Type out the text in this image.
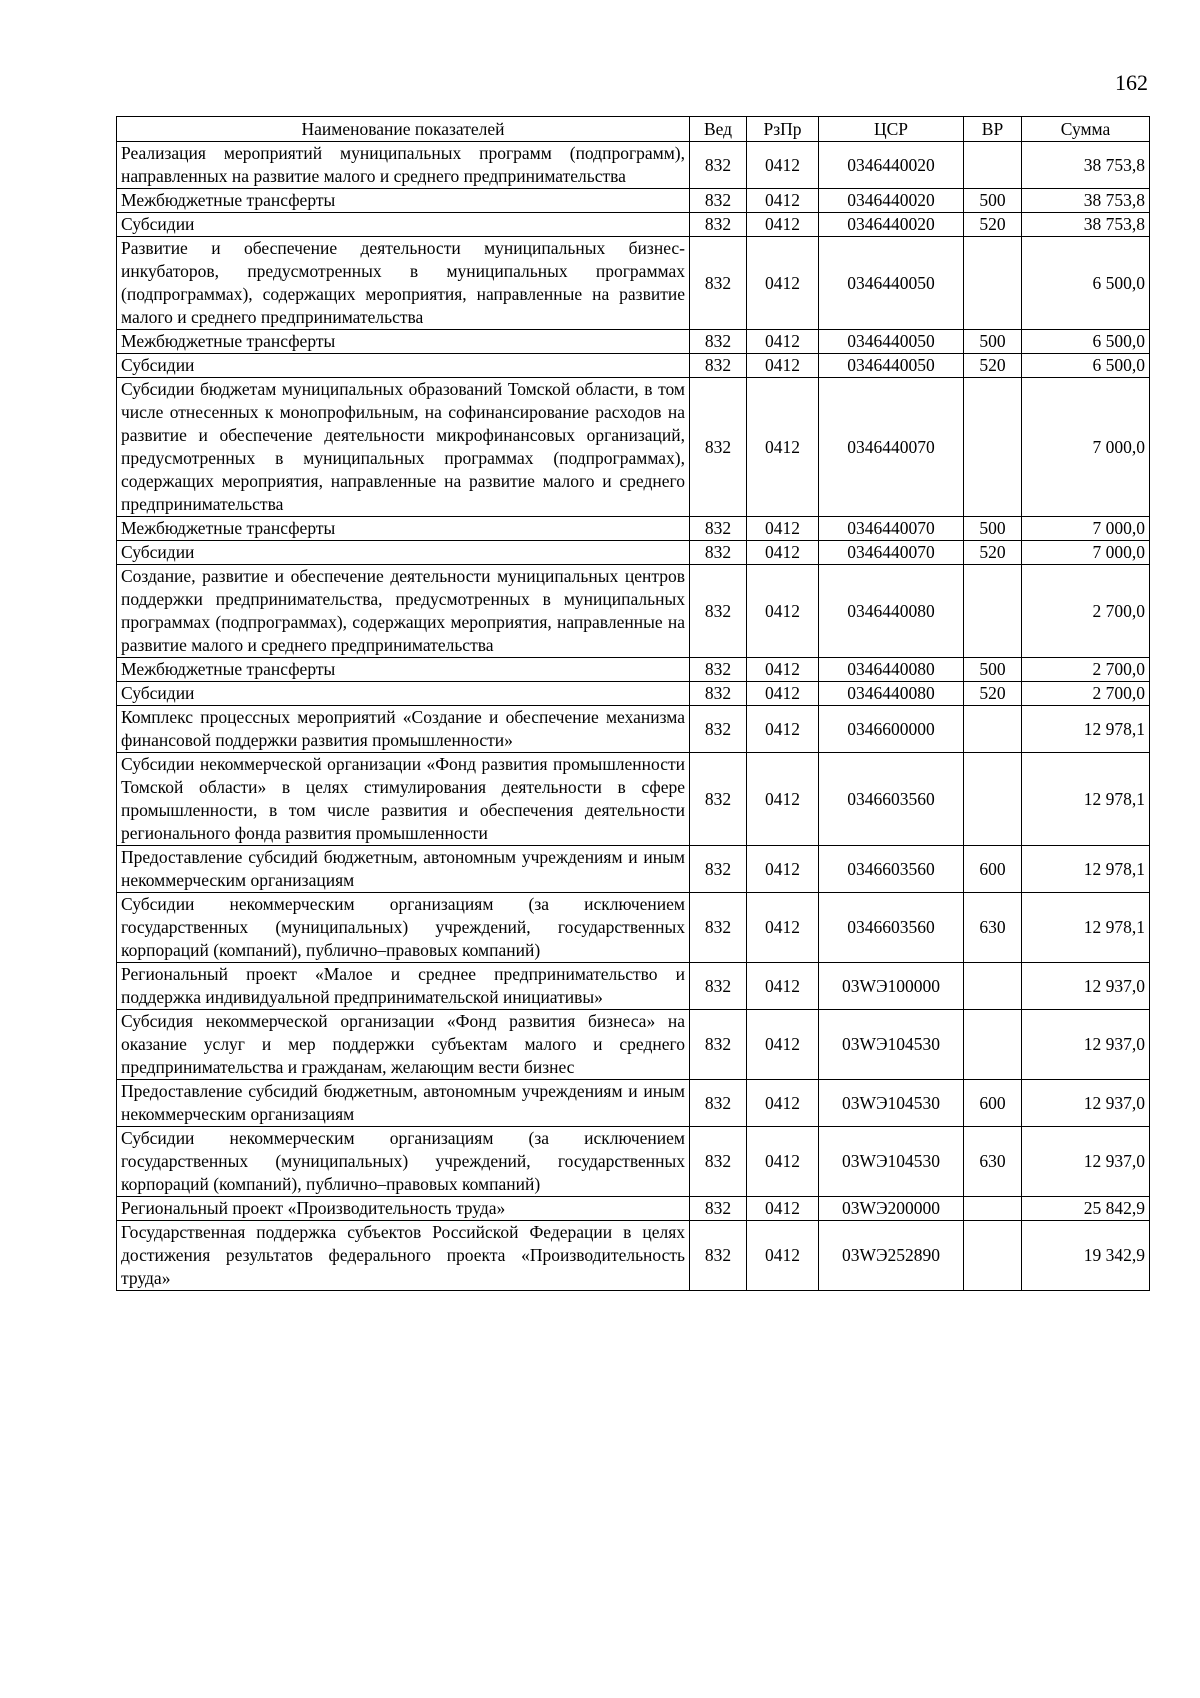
162
Наименование показателей	Вед	РзПр	ЦСР	ВР	Сумма
Реализация мероприятий муниципальных программ (подпрограмм), направленных на развитие малого и среднего предпринимательства	832	0412	0346440020		38 753,8
Межбюджетные трансферты	832	0412	0346440020	500	38 753,8
Субсидии	832	0412	0346440020	520	38 753,8
Развитие и обеспечение деятельности муниципальных бизнес-инкубаторов, предусмотренных в муниципальных программах (подпрограммах), содержащих мероприятия, направленные на развитие малого и среднего предпринимательства	832	0412	0346440050		6 500,0
Межбюджетные трансферты	832	0412	0346440050	500	6 500,0
Субсидии	832	0412	0346440050	520	6 500,0
Субсидии бюджетам муниципальных образований Томской области, в том числе отнесенных к монопрофильным, на софинансирование расходов на развитие и обеспечение деятельности микрофинансовых организаций, предусмотренных в муниципальных программах (подпрограммах), содержащих мероприятия, направленные на развитие малого и среднего предпринимательства	832	0412	0346440070		7 000,0
Межбюджетные трансферты	832	0412	0346440070	500	7 000,0
Субсидии	832	0412	0346440070	520	7 000,0
Создание, развитие и обеспечение деятельности муниципальных центров поддержки предпринимательства, предусмотренных в муниципальных программах (подпрограммах), содержащих мероприятия, направленные на развитие малого и среднего предпринимательства	832	0412	0346440080		2 700,0
Межбюджетные трансферты	832	0412	0346440080	500	2 700,0
Субсидии	832	0412	0346440080	520	2 700,0
Комплекс процессных мероприятий «Создание и обеспечение механизма финансовой поддержки развития промышленности»	832	0412	0346600000		12 978,1
Субсидии некоммерческой организации «Фонд развития промышленности Томской области» в целях стимулирования деятельности в сфере промышленности, в том числе развития и обеспечения деятельности регионального фонда развития промышленности	832	0412	0346603560		12 978,1
Предоставление субсидий бюджетным, автономным учреждениям и иным некоммерческим организациям	832	0412	0346603560	600	12 978,1
Субсидии некоммерческим организациям (за исключением государственных (муниципальных) учреждений, государственных корпораций (компаний), публично–правовых компаний)	832	0412	0346603560	630	12 978,1
Региональный проект «Малое и среднее предпринимательство и поддержка индивидуальной предпринимательской инициативы»	832	0412	03WЭ100000		12 937,0
Субсидия некоммерческой организации «Фонд развития бизнеса» на оказание услуг и мер поддержки субъектам малого и среднего предпринимательства и гражданам, желающим вести бизнес	832	0412	03WЭ104530		12 937,0
Предоставление субсидий бюджетным, автономным учреждениям и иным некоммерческим организациям	832	0412	03WЭ104530	600	12 937,0
Субсидии некоммерческим организациям (за исключением государственных (муниципальных) учреждений, государственных корпораций (компаний), публично–правовых компаний)	832	0412	03WЭ104530	630	12 937,0
Региональный проект «Производительность труда»	832	0412	03WЭ200000		25 842,9
Государственная поддержка субъектов Российской Федерации в целях достижения результатов федерального проекта «Производительность труда»	832	0412	03WЭ252890		19 342,9
